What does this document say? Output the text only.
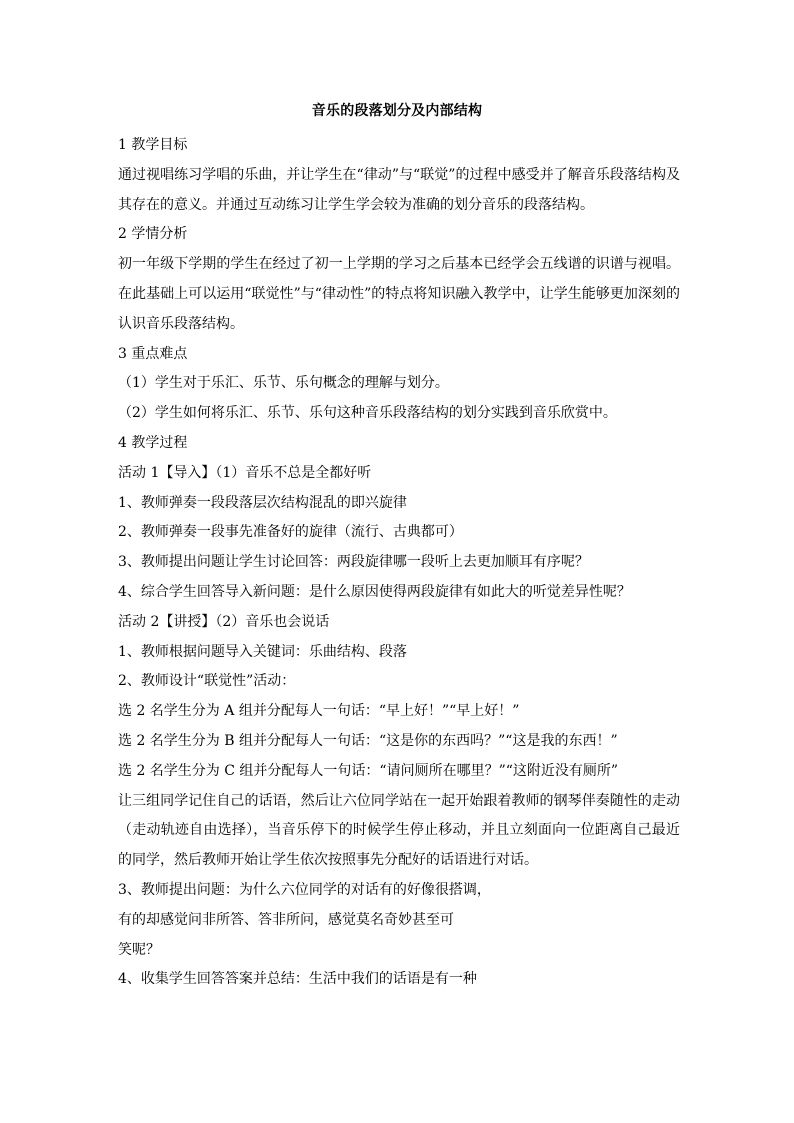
音乐的段落划分及内部结构
1 教学目标
通过视唱练习学唱的乐曲，并让学生在“律动”与“联觉”的过程中感受并了解音乐段落结构及
其存在的意义。并通过互动练习让学生学会较为准确的划分音乐的段落结构。
2 学情分析
初一年级下学期的学生在经过了初一上学期的学习之后基本已经学会五线谱的识谱与视唱。
在此基础上可以运用“联觉性”与“律动性”的特点将知识融入教学中，让学生能够更加深刻的
认识音乐段落结构。
3 重点难点
（1）学生对于乐汇、乐节、乐句概念的理解与划分。
（2）学生如何将乐汇、乐节、乐句这种音乐段落结构的划分实践到音乐欣赏中。
4 教学过程
活动 1【导入】（1）音乐不总是全都好听
1、教师弹奏一段段落层次结构混乱的即兴旋律
2、教师弹奏一段事先准备好的旋律（流行、古典都可）
3、教师提出问题让学生讨论回答：两段旋律哪一段听上去更加顺耳有序呢？
4、综合学生回答导入新问题：是什么原因使得两段旋律有如此大的听觉差异性呢？
活动 2【讲授】（2）音乐也会说话
1、教师根据问题导入关键词：乐曲结构、段落
2、教师设计“联觉性”活动：
选 2 名学生分为 A 组并分配每人一句话：“早上好！”“早上好！”
选 2 名学生分为 B 组并分配每人一句话：“这是你的东西吗？”“这是我的东西！”
选 2 名学生分为 C 组并分配每人一句话：“请问厕所在哪里？”“这附近没有厕所”
让三组同学记住自己的话语，然后让六位同学站在一起开始跟着教师的钢琴伴奏随性的走动
（走动轨迹自由选择），当音乐停下的时候学生停止移动，并且立刻面向一位距离自己最近
的同学，然后教师开始让学生依次按照事先分配好的话语进行对话。
3、教师提出问题：为什么六位同学的对话有的好像很搭调，
有的却感觉问非所答、答非所问，感觉莫名奇妙甚至可
笑呢？
4、收集学生回答答案并总结：生活中我们的话语是有一种
